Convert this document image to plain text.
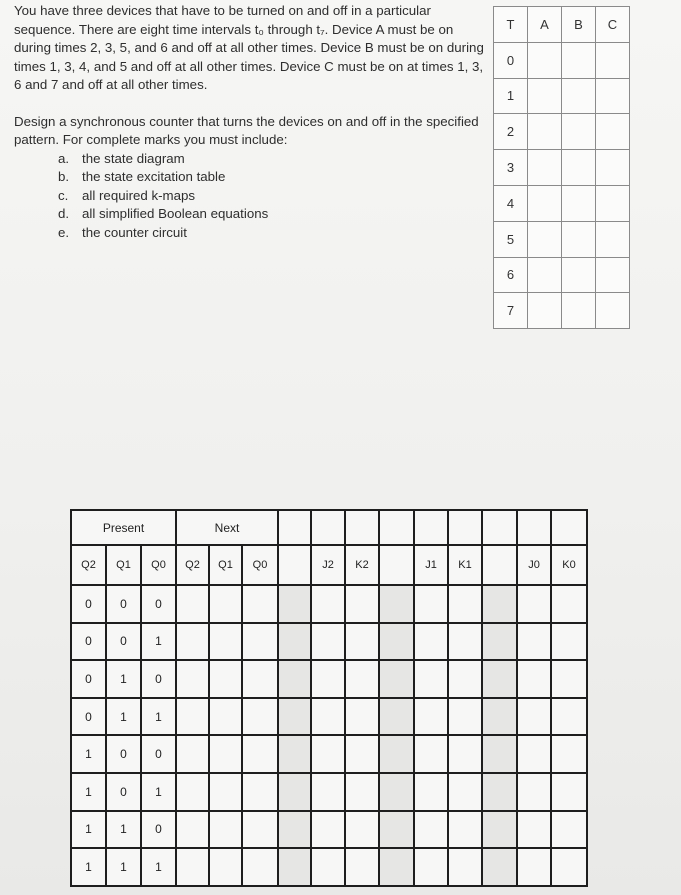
You have three devices that have to be turned on and off in a particular sequence. There are eight time intervals t₀ through t₇. Device A must be on during times 2, 3, 5, and 6 and off at all other times. Device B must be on during times 1, 3, 4, and 5 and off at all other times. Device C must be on at times 1, 3, 6 and 7 and off at all other times.

Design a synchronous counter that turns the devices on and off in the specified pattern. For complete marks you must include:

a. the state diagram
b. the state excitation table
c.	all required k-maps
d. all simplified Boolean equations
e. the counter circuit
T	A	B	C
0			
1			
2			
3			
4			
5			
6			
7			
Present			Next											
Q2	Q1	Q0	Q2	Q1	Q0		J2	K2		J1	K1		J0	K0
0	0	0												
0	0	1												
0	1	0												
0	1	1												
1	0	0												
1	0	1												
1	1	0												
1	1	1												
